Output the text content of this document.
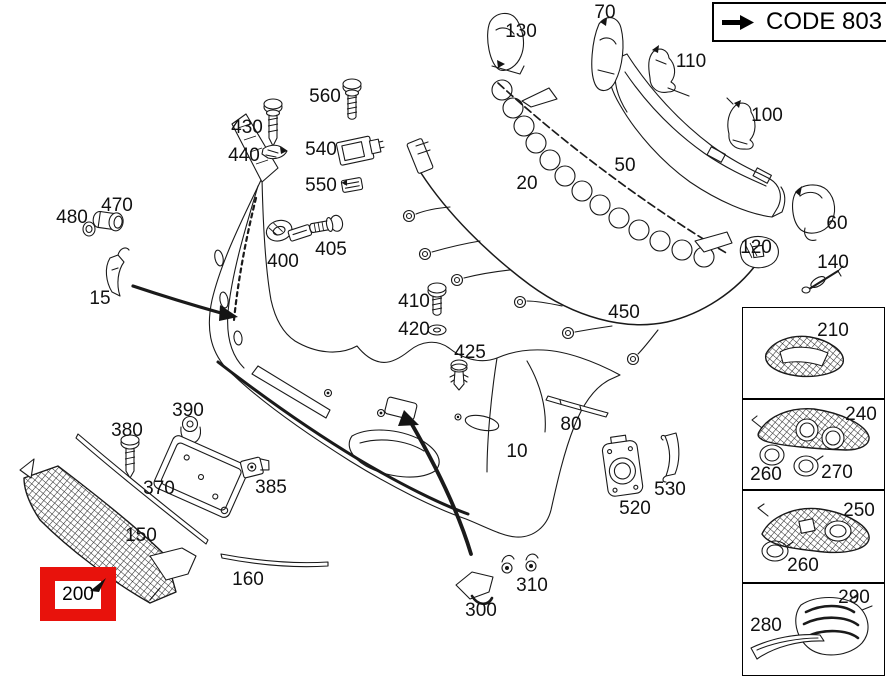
CODE 803
200
130
70
110
100
50
20
60
120
140
560
540
550
430
440
400
405
480
470
15	410
420
425
450
80
10
520
530
390
380
370	385
150
160
300
310
210
240
260 270
250
260
290
280
